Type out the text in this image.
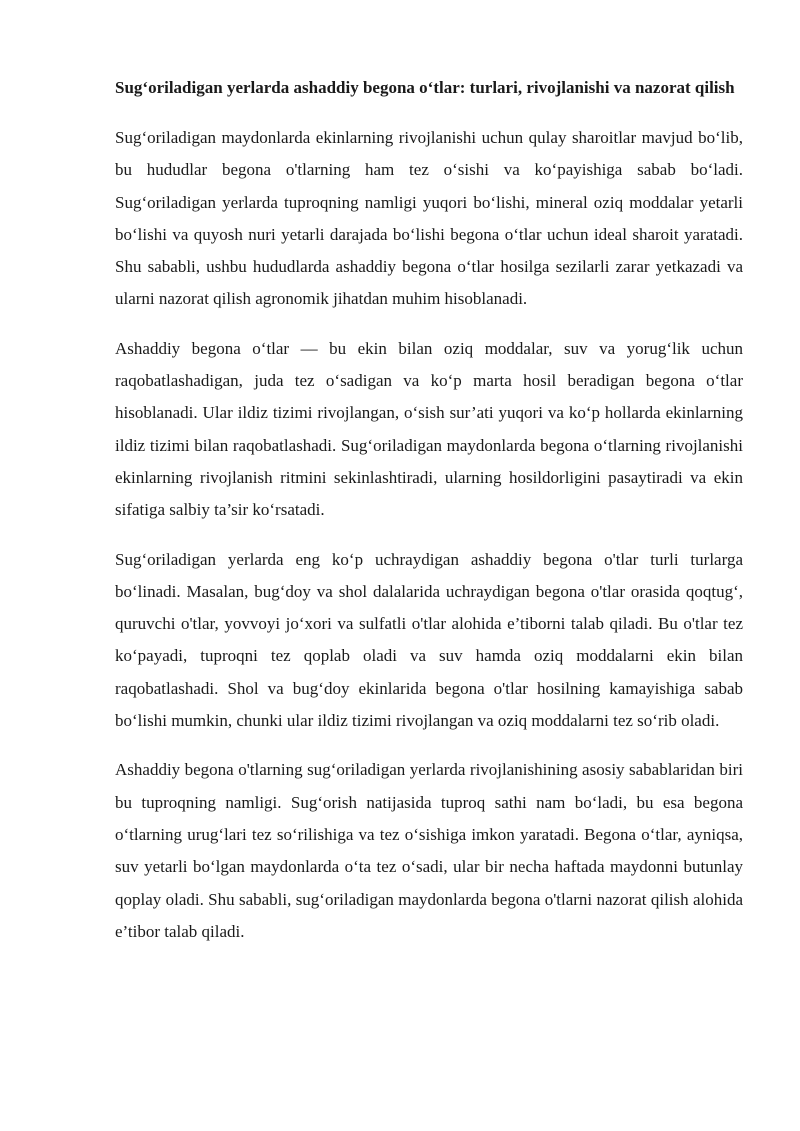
Sug‘oriladigan yerlarda ashaddiy begona o‘tlar: turlari, rivojlanishi va nazorat qilish

Sug‘oriladigan maydonlarda ekinlarning rivojlanishi uchun qulay sharoitlar mavjud bo‘lib, bu hududlar begona o'tlarning ham tez o‘sishi va ko‘payishiga sabab bo‘ladi. Sug‘oriladigan yerlarda tuproqning namligi yuqori bo‘lishi, mineral oziq moddalar yetarli bo‘lishi va quyosh nuri yetarli darajada bo‘lishi begona o‘tlar uchun ideal sharoit yaratadi. Shu sababli, ushbu hududlarda ashaddiy begona o‘tlar hosilga sezilarli zarar yetkazadi va ularni nazorat qilish agronomik jihatdan muhim hisoblanadi.

Ashaddiy begona o‘tlar — bu ekin bilan oziq moddalar, suv va yorug‘lik uchun raqobatlashadigan, juda tez o‘sadigan va ko‘p marta hosil beradigan begona o‘tlar hisoblanadi. Ular ildiz tizimi rivojlangan, o‘sish sur’ati yuqori va ko‘p hollarda ekinlarning ildiz tizimi bilan raqobatlashadi. Sug‘oriladigan maydonlarda begona o‘tlarning rivojlanishi ekinlarning rivojlanish ritmini sekinlashtiradi, ularning hosildorligini pasaytiradi va ekin sifatiga salbiy ta’sir ko‘rsatadi.

Sug‘oriladigan yerlarda eng ko‘p uchraydigan ashaddiy begona o'tlar turli turlarga bo‘linadi. Masalan, bug‘doy va shol dalalarida uchraydigan begona o'tlar orasida qoqtug‘, quruvchi o'tlar, yovvoyi jo‘xori va sulfatli o'tlar alohida e’tiborni talab qiladi. Bu o'tlar tez ko‘payadi, tuproqni tez qoplab oladi va suv hamda oziq moddalarni ekin bilan raqobatlashadi. Shol va bug‘doy ekinlarida begona o'tlar hosilning kamayishiga sabab bo‘lishi mumkin, chunki ular ildiz tizimi rivojlangan va oziq moddalarni tez so‘rib oladi.

Ashaddiy begona o'tlarning sug‘oriladigan yerlarda rivojlanishining asosiy sabablaridan biri bu tuproqning namligi. Sug‘orish natijasida tuproq sathi nam bo‘ladi, bu esa begona o‘tlarning urug‘lari tez so‘rilishiga va tez o‘sishiga imkon yaratadi. Begona o‘tlar, ayniqsa, suv yetarli bo‘lgan maydonlarda o‘ta tez o‘sadi, ular bir necha haftada maydonni butunlay qoplay oladi. Shu sababli, sug‘oriladigan maydonlarda begona o'tlarni nazorat qilish alohida e’tibor talab qiladi.
